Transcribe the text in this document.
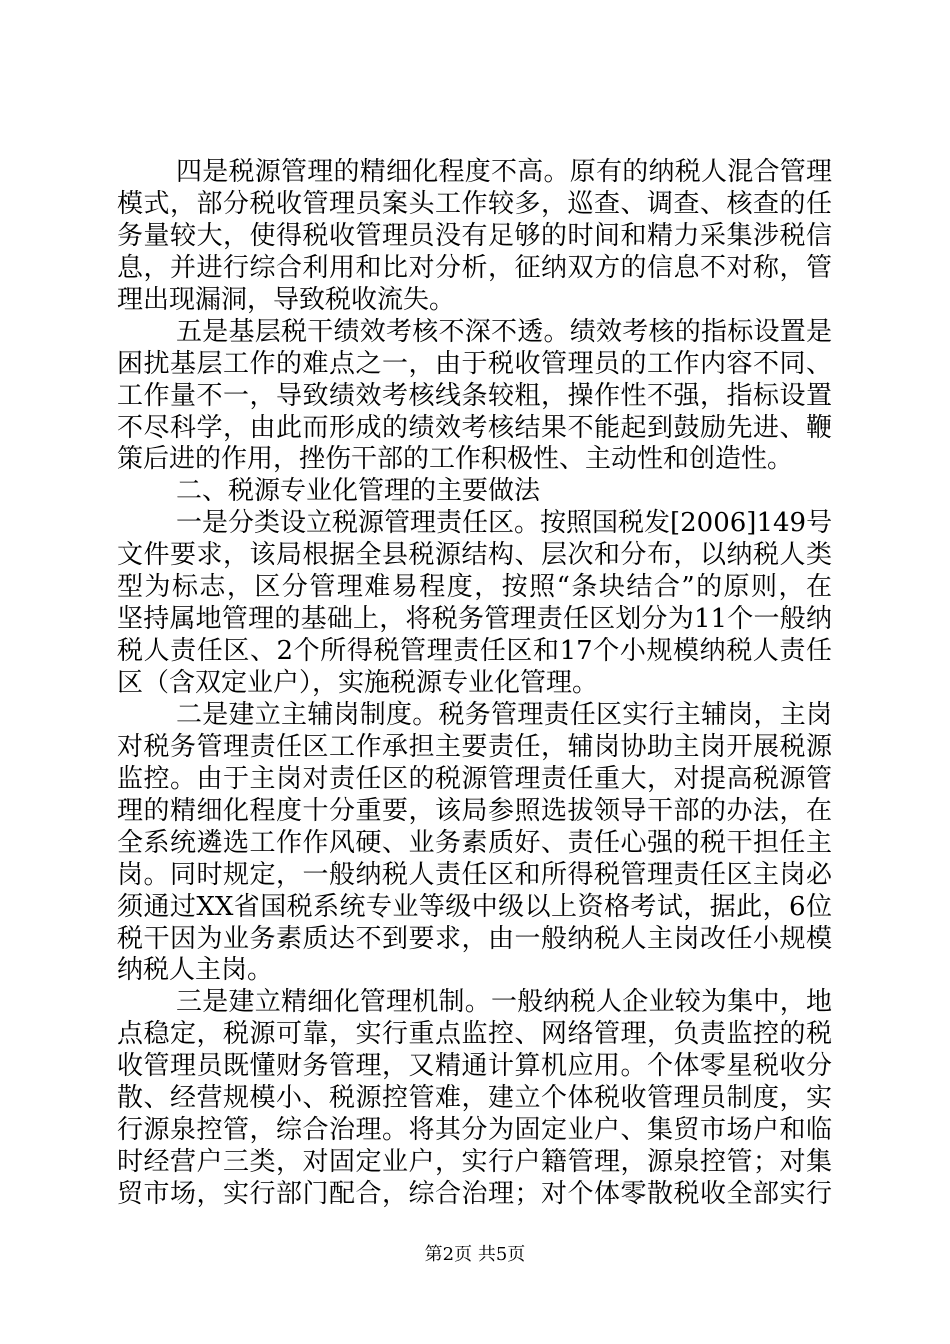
四是税源管理的精细化程度不高。原有的纳税人混合管理
模式，部分税收管理员案头工作较多，巡查、调查、核查的任
务量较大，使得税收管理员没有足够的时间和精力采集涉税信
息，并进行综合利用和比对分析，征纳双方的信息不对称，管
理出现漏洞，导致税收流失。
五是基层税干绩效考核不深不透。绩效考核的指标设置是
困扰基层工作的难点之一，由于税收管理员的工作内容不同、
工作量不一，导致绩效考核线条较粗，操作性不强，指标设置
不尽科学，由此而形成的绩效考核结果不能起到鼓励先进、鞭
策后进的作用，挫伤干部的工作积极性、主动性和创造性。
二、税源专业化管理的主要做法
一是分类设立税源管理责任区。按照国税发[2006]149号
文件要求，该局根据全县税源结构、层次和分布，以纳税人类
型为标志，区分管理难易程度，按照“条块结合”的原则，在
坚持属地管理的基础上，将税务管理责任区划分为11个一般纳
税人责任区、2个所得税管理责任区和17个小规模纳税人责任
区（含双定业户），实施税源专业化管理。
二是建立主辅岗制度。税务管理责任区实行主辅岗，主岗
对税务管理责任区工作承担主要责任，辅岗协助主岗开展税源
监控。由于主岗对责任区的税源管理责任重大，对提高税源管
理的精细化程度十分重要，该局参照选拔领导干部的办法，在
全系统遴选工作作风硬、业务素质好、责任心强的税干担任主
岗。同时规定，一般纳税人责任区和所得税管理责任区主岗必
须通过XX省国税系统专业等级中级以上资格考试，据此，6位
税干因为业务素质达不到要求，由一般纳税人主岗改任小规模
纳税人主岗。
三是建立精细化管理机制。一般纳税人企业较为集中，地
点稳定，税源可靠，实行重点监控、网络管理，负责监控的税
收管理员既懂财务管理，又精通计算机应用。个体零星税收分
散、经营规模小、税源控管难，建立个体税收管理员制度，实
行源泉控管，综合治理。将其分为固定业户、集贸市场户和临
时经营户三类，对固定业户，实行户籍管理，源泉控管；对集
贸市场，实行部门配合，综合治理；对个体零散税收全部实行
第2页 共5页
